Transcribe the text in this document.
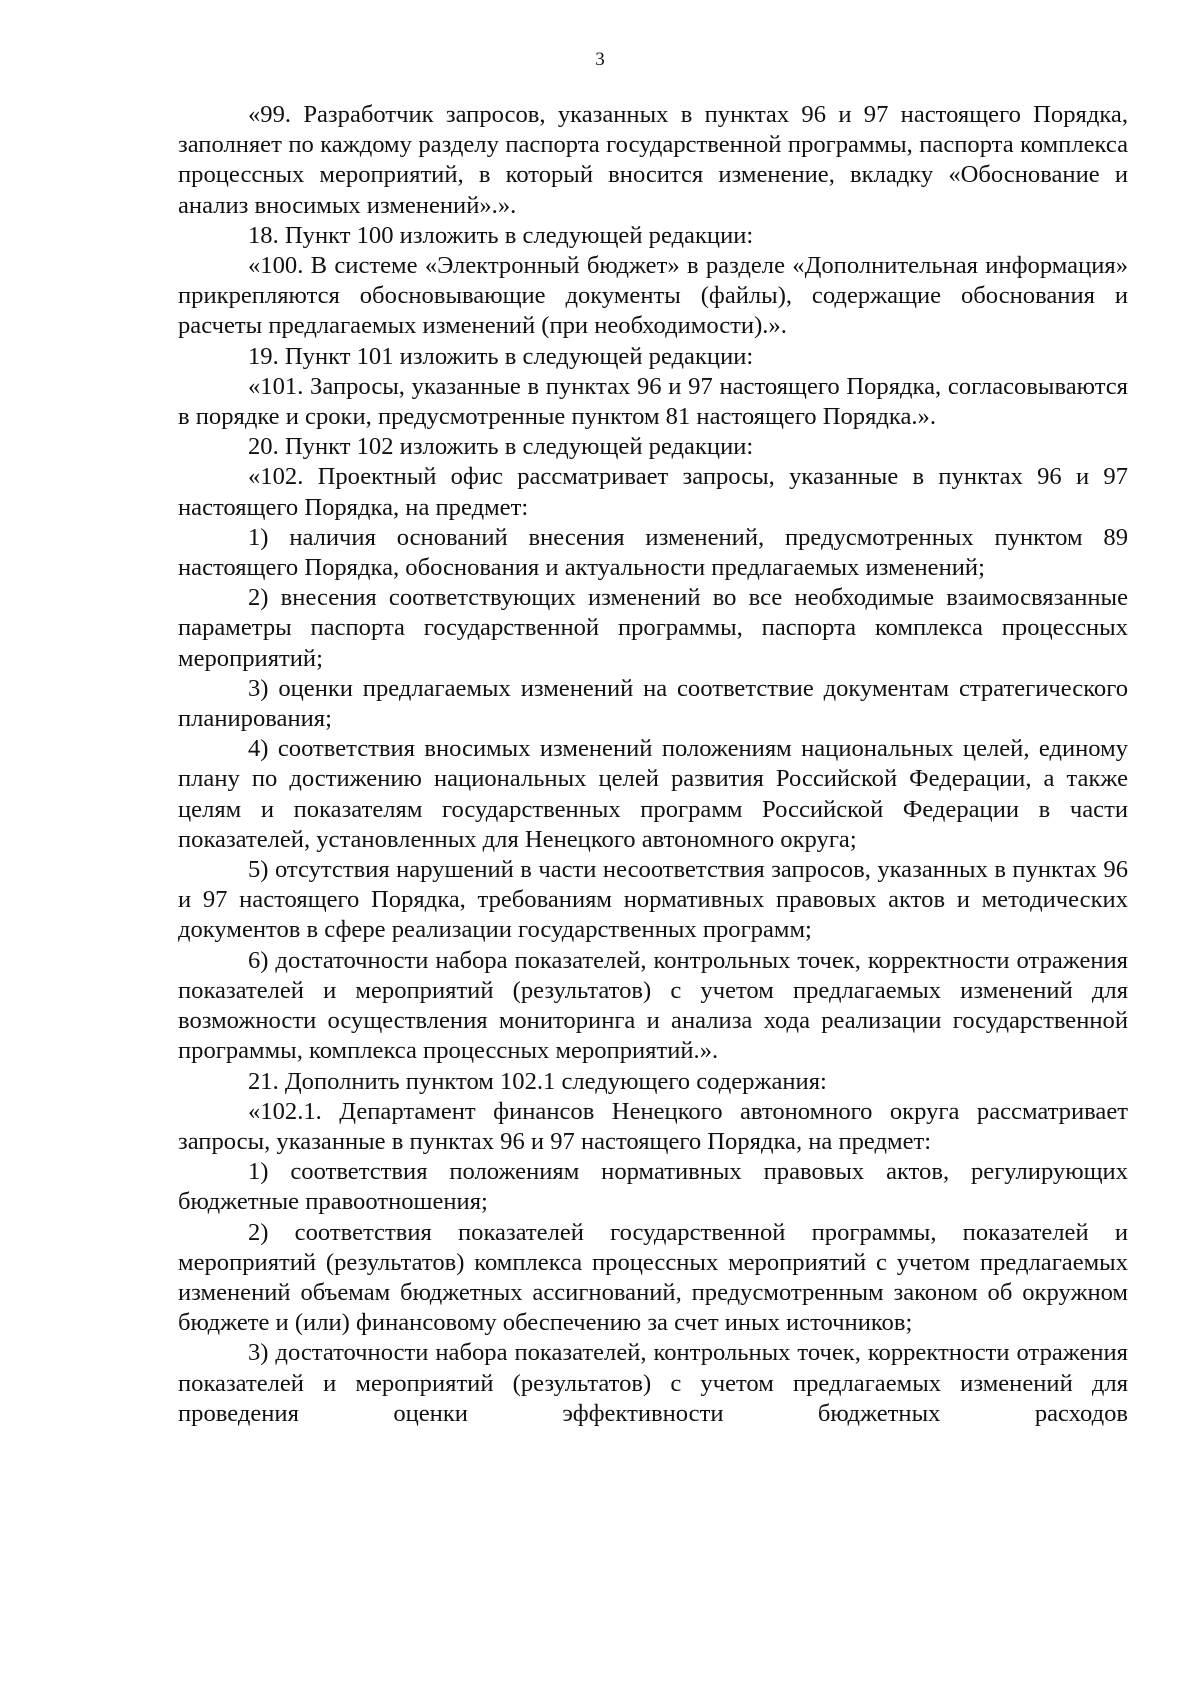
3

«99. Разработчик запросов, указанных в пунктах 96 и 97 настоящего Порядка, заполняет по каждому разделу паспорта государственной программы, паспорта комплекса процессных мероприятий, в который вносится изменение, вкладку «Обоснование и анализ вносимых изменений».».

18. Пункт 100 изложить в следующей редакции:

«100. В системе «Электронный бюджет» в разделе «Дополнительная информация» прикрепляются обосновывающие документы (файлы), содержащие обоснования и расчеты предлагаемых изменений (при необходимости).».

19. Пункт 101 изложить в следующей редакции:

«101. Запросы, указанные в пунктах 96 и 97 настоящего Порядка, согласовываются в порядке и сроки, предусмотренные пунктом 81 настоящего Порядка.».

20. Пункт 102 изложить в следующей редакции:

«102. Проектный офис рассматривает запросы, указанные в пунктах 96 и 97 настоящего Порядка, на предмет:

1) наличия оснований внесения изменений, предусмотренных пунктом 89 настоящего Порядка, обоснования и актуальности предлагаемых изменений;

2) внесения соответствующих изменений во все необходимые взаимосвязанные параметры паспорта государственной программы, паспорта комплекса процессных мероприятий;

3) оценки предлагаемых изменений на соответствие документам стратегического планирования;

4) соответствия вносимых изменений положениям национальных целей, единому плану по достижению национальных целей развития Российской Федерации, а также целям и показателям государственных программ Российской Федерации в части показателей, установленных для Ненецкого автономного округа;

5) отсутствия нарушений в части несоответствия запросов, указанных в пунктах 96 и 97 настоящего Порядка, требованиям нормативных правовых актов и методических документов в сфере реализации государственных программ;

6) достаточности набора показателей, контрольных точек, корректности отражения показателей и мероприятий (результатов) с учетом предлагаемых изменений для возможности осуществления мониторинга и анализа хода реализации государственной программы, комплекса процессных мероприятий.».

21. Дополнить пунктом 102.1 следующего содержания:

«102.1. Департамент финансов Ненецкого автономного округа рассматривает запросы, указанные в пунктах 96 и 97 настоящего Порядка, на предмет:

1) соответствия положениям нормативных правовых актов, регулирующих бюджетные правоотношения;

2) соответствия показателей государственной программы, показателей и мероприятий (результатов) комплекса процессных мероприятий с учетом предлагаемых изменений объемам бюджетных ассигнований, предусмотренным законом об окружном бюджете и (или) финансовому обеспечению за счет иных источников;

3) достаточности набора показателей, контрольных точек, корректности отражения показателей и мероприятий (результатов) с учетом предлагаемых изменений для проведения оценки эффективности бюджетных расходов
